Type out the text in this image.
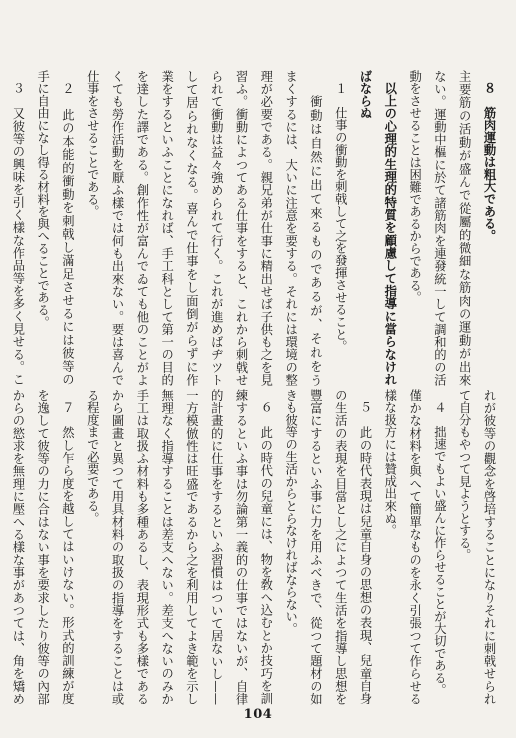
８　筋肉運動は粗大である。
主要筋の活動が盛んで從屬的微細な筋肉の運動が出來
ない。運動中樞に於て諸筋肉を連發統一して調和的の活
動をさせることは困難であるからである。
以上の心理的生理的特質を顧慮して指導に當らなけれ
ばならぬ
１　仕事の衝動を刺戟して之を發揮させること。
衝動は自然に出て來るものであるが、それをう
まくするには、大いに注意を要する。それには環境の整
理が必要である。親兄弟が仕事に精出せば子供も之を見
習ふ。衝動によつてある仕事をすると、これから刺戟せ
られて衝動は益々強められて行く。これが進めばヂツト
して居られなくなる。喜んで仕事をし面倒がらずに作
業をするといふことになれば、手工科として第一の目的
を達した譯である。創作性が富んでゐても他のことがよ
くても勞作活動を厭ふ樣では何も出來ない。要は喜んで
仕事をさせることである。
２　此の本能的衝動を刺戟し滿足させるには彼等の
手に自由になし得る材料を與へることである。
３　又彼等の興味を引く樣な作品等を多く見せる。こ
れが彼等の觀念を啓培することになりそれに刺戟せられ
て自分もやつて見ようとする。
４　拙速でもよい盛んに作らせることが大切である。
僅かな材料を與へて簡單なものを永く引張つて作らせる
樣な扱方には贊成出來ぬ。
５　此の時代表現は兒童自身の思想の表現、兒童自身
の生活の表現を目當とし之によつて生活を指導し思想を
豐富にするといふ事に力を用ふべきで、從つて題材の如
きも彼等の生活からとらなければならない。
６　此の時代の兒童には、物を敎へ込むとか技巧を訓
練するといふ事は勿論第一義的の仕事ではないが、自律
的計畫的に仕事をするといふ習慣はついて居ないし——
一方模倣性は旺盛であるから之を利用してよき範を示し
無理なく指導することは差支へない。差支へないのみか
手工は取扱ふ材料も多種あるし、表現形式も多樣である
から圖畫と異つて用具材料の取扱の指導をすることは或
る程度まで必要である。
７　然し乍ら度を越してはいけない。形式的訓練が度
を逸して彼等の力に合はない事を要求したり彼等の內部
からの慾求を無理に壓へる樣な事があつては、角を矯め
104
